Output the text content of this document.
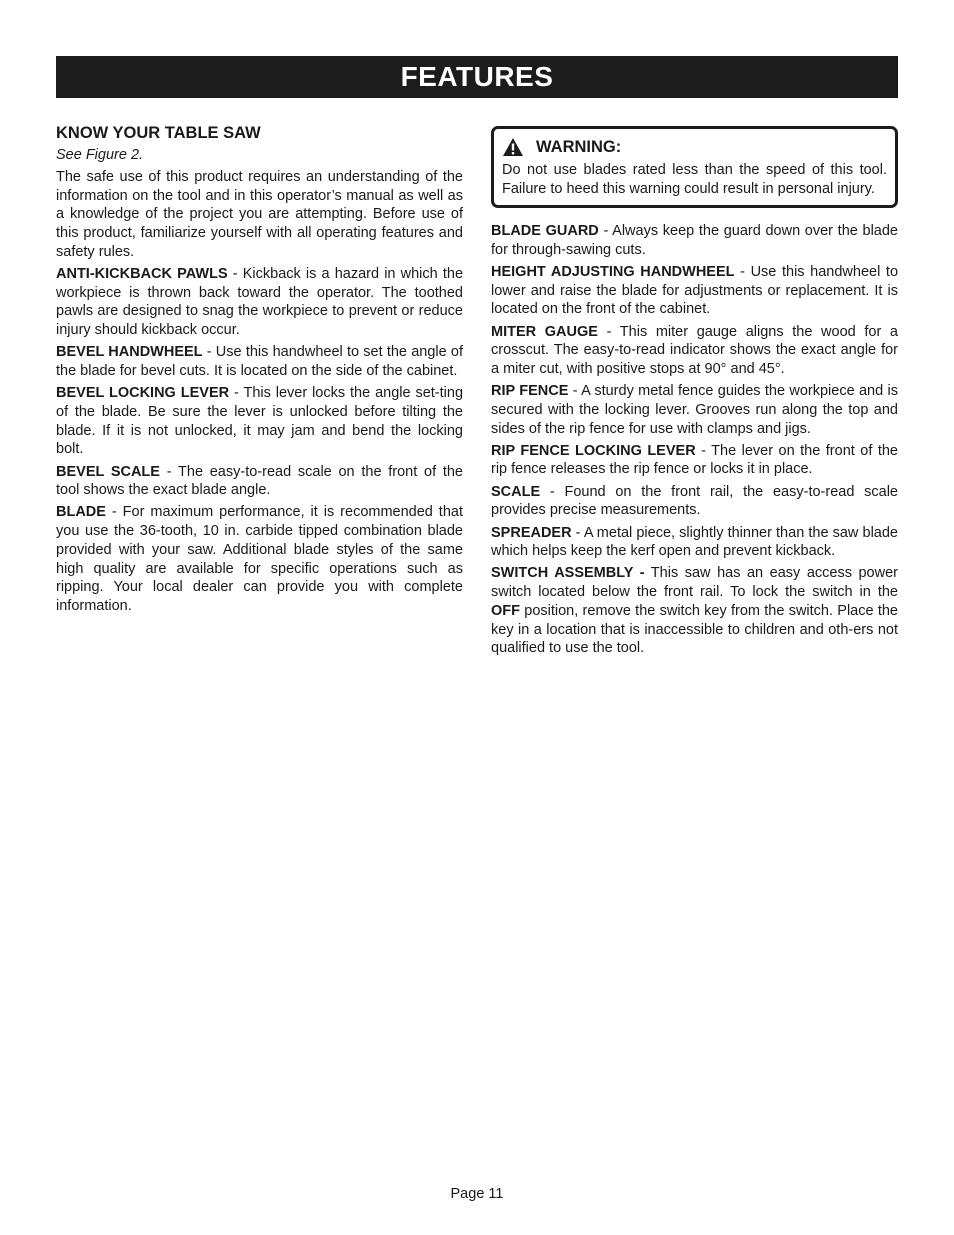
FEATURES
KNOW YOUR TABLE SAW
See Figure 2.

The safe use of this product requires an understanding of the information on the tool and in this operator’s manual as well as a knowledge of the project you are attempting. Before use of this product, familiarize yourself with all operating features and safety rules.

ANTI-KICKBACK PAWLS - Kickback is a hazard in which the workpiece is thrown back toward the operator. The toothed pawls are designed to snag the workpiece to prevent or reduce injury should kickback occur.

BEVEL HANDWHEEL - Use this handwheel to set the angle of the blade for bevel cuts. It is located on the side of the cabinet.

BEVEL LOCKING LEVER - This lever locks the angle set-ting of the blade. Be sure the lever is unlocked before tilting the blade. If it is not unlocked, it may jam and bend the locking bolt.

BEVEL SCALE - The easy-to-read scale on the front of the tool shows the exact blade angle.

BLADE - For maximum performance, it is recommended that you use the 36-tooth, 10 in. carbide tipped combination blade provided with your saw. Additional blade styles of the same high quality are available for specific operations such as ripping. Your local dealer can provide you with complete information.

WARNING:

Do not use blades rated less than the speed of this tool. Failure to heed this warning could result in personal injury.

BLADE GUARD - Always keep the guard down over the blade for through-sawing cuts.

HEIGHT ADJUSTING HANDWHEEL - Use this handwheel to lower and raise the blade for adjustments or replacement. It is located on the front of the cabinet.

MITER GAUGE - This miter gauge aligns the wood for a crosscut. The easy-to-read indicator shows the exact angle for a miter cut, with positive stops at 90° and 45°.

RIP FENCE - A sturdy metal fence guides the workpiece and is secured with the locking lever. Grooves run along the top and sides of the rip fence for use with clamps and jigs.

RIP FENCE LOCKING LEVER - The lever on the front of the rip fence releases the rip fence or locks it in place.

SCALE - Found on the front rail, the easy-to-read scale provides precise measurements.

SPREADER - A metal piece, slightly thinner than the saw blade which helps keep the kerf open and prevent kickback.

SWITCH ASSEMBLY - This saw has an easy access power switch located below the front rail. To lock the switch in the OFF position, remove the switch key from the switch. Place the key in a location that is inaccessible to children and oth-ers not qualified to use the tool.

Page 11
